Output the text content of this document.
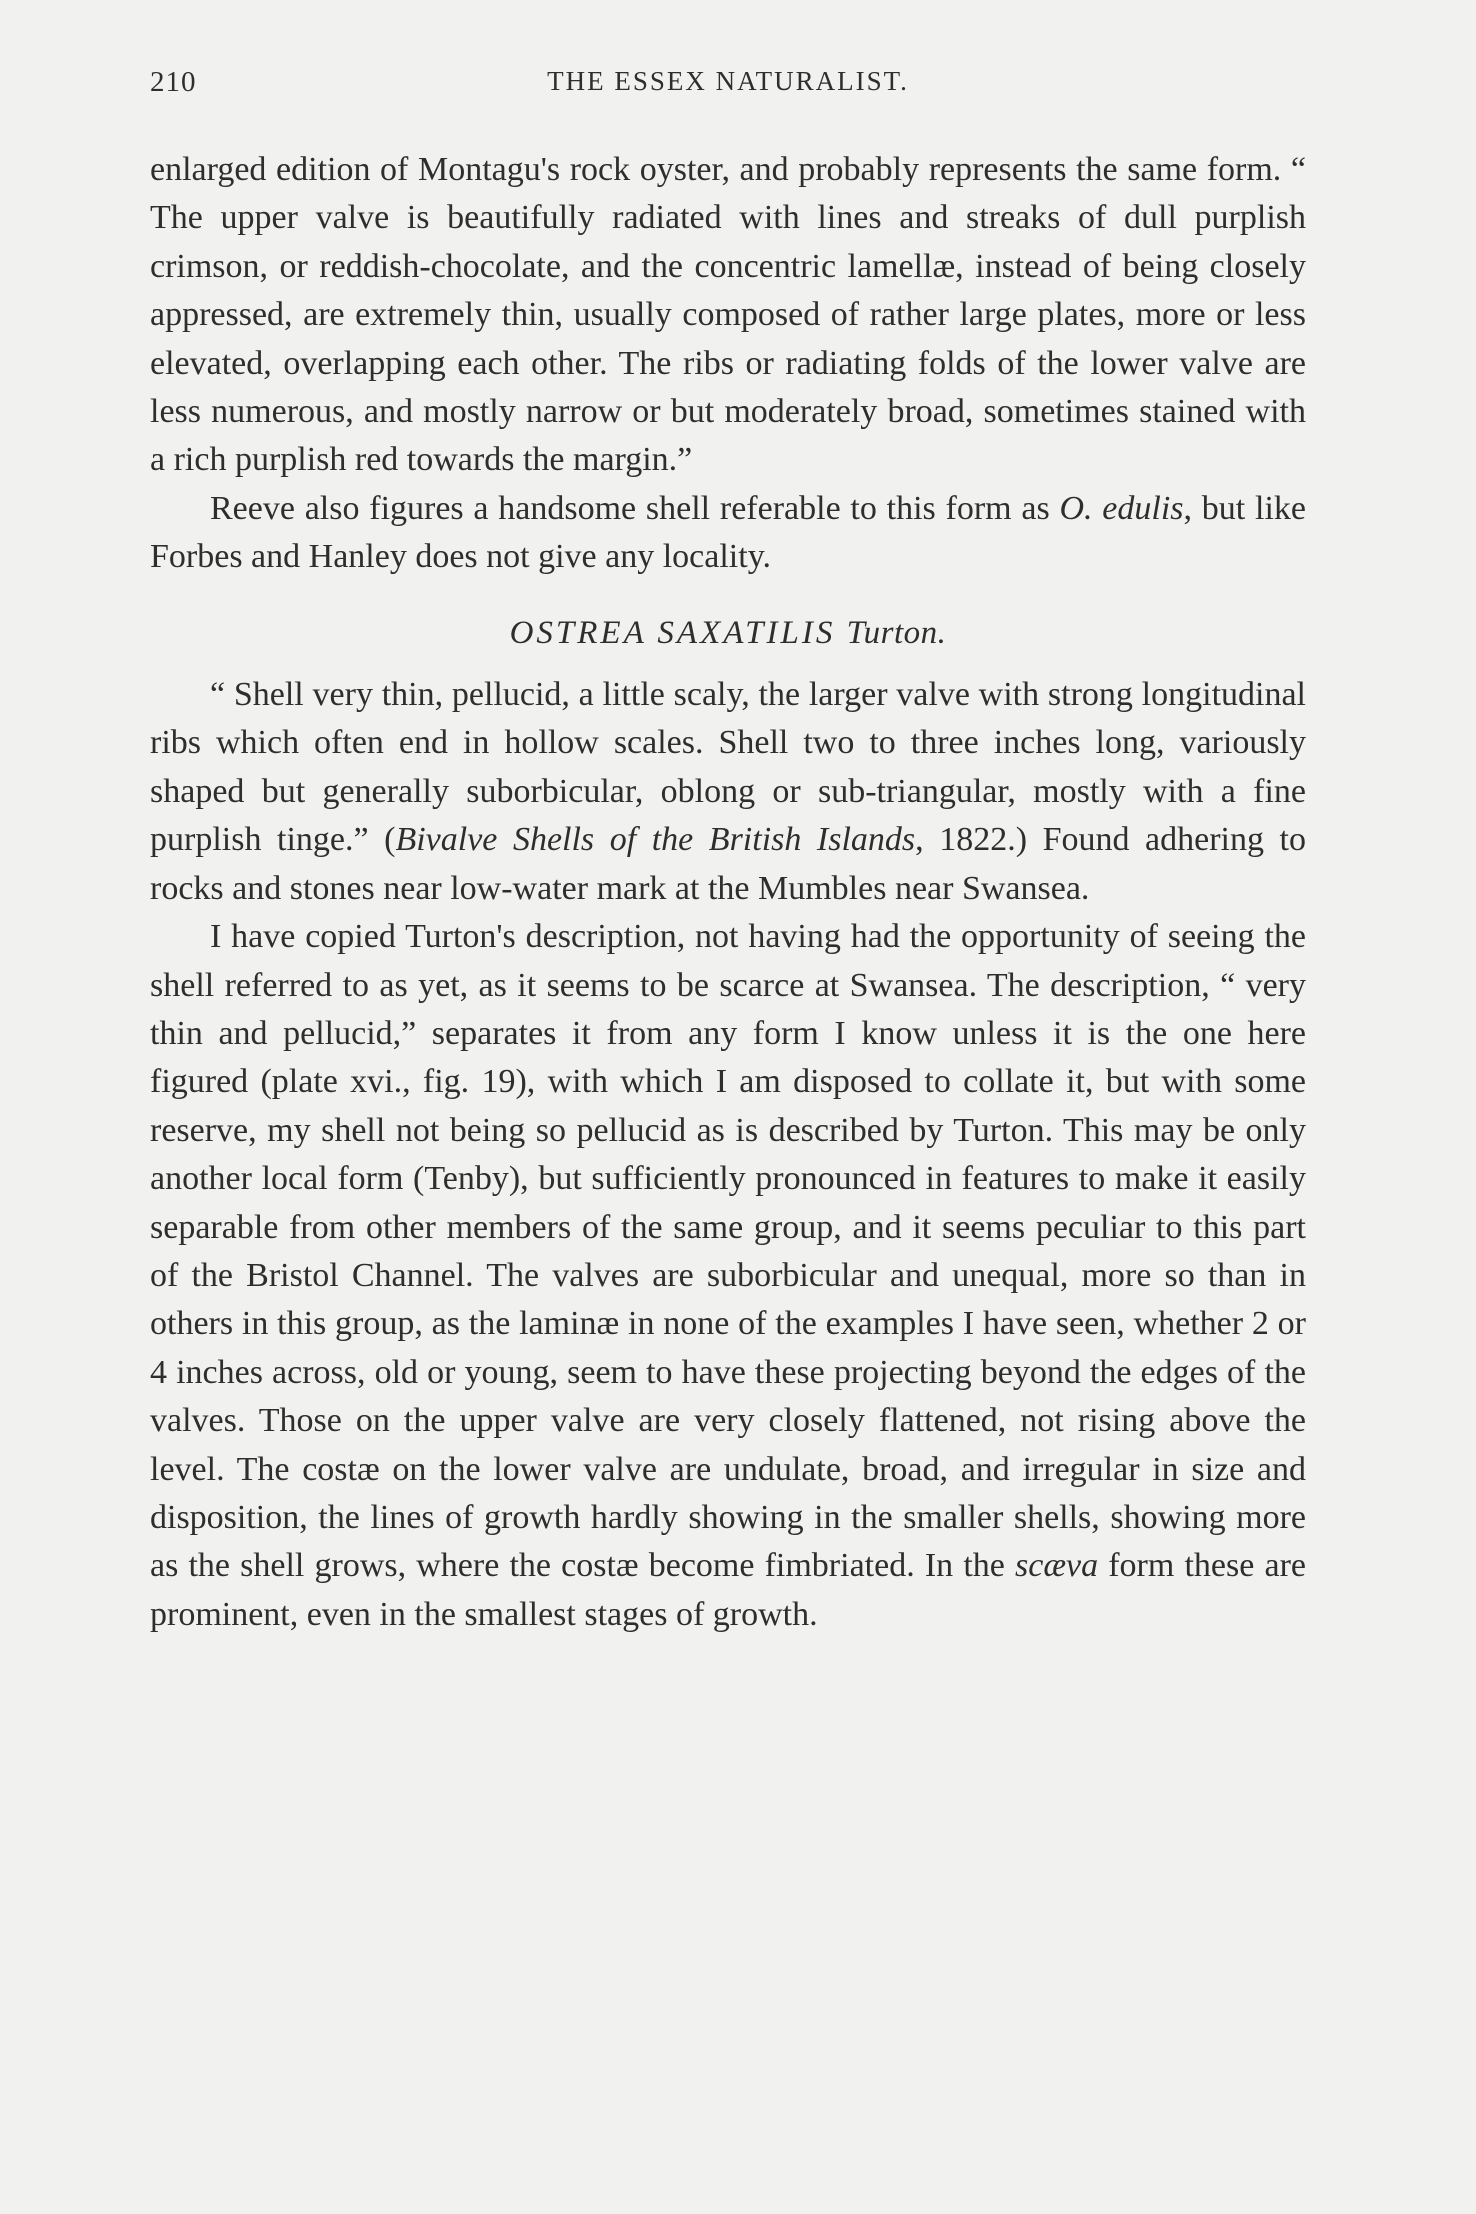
210	THE ESSEX NATURALIST.

enlarged edition of Montagu's rock oyster, and probably represents the same form. “ The upper valve is beautifully radiated with lines and streaks of dull purplish crimson, or reddish-chocolate, and the concentric lamellæ, instead of being closely appressed, are extremely thin, usually composed of rather large plates, more or less elevated, overlapping each other. The ribs or radiating folds of the lower valve are less numerous, and mostly narrow or but moderately broad, sometimes stained with a rich purplish red towards the margin.”

Reeve also figures a handsome shell referable to this form as O. edulis, but like Forbes and Hanley does not give any locality.

OSTREA SAXATILIS Turton.

“ Shell very thin, pellucid, a little scaly, the larger valve with strong longitudinal ribs which often end in hollow scales. Shell two to three inches long, variously shaped but generally suborbicular, oblong or sub-triangular, mostly with a fine purplish tinge.” (Bivalve Shells of the British Islands, 1822.) Found adhering to rocks and stones near low-water mark at the Mumbles near Swansea.

I have copied Turton's description, not having had the opportunity of seeing the shell referred to as yet, as it seems to be scarce at Swansea. The description, “ very thin and pellucid,” separates it from any form I know unless it is the one here figured (plate xvi., fig. 19), with which I am disposed to collate it, but with some reserve, my shell not being so pellucid as is described by Turton. This may be only another local form (Tenby), but sufficiently pronounced in features to make it easily separable from other members of the same group, and it seems peculiar to this part of the Bristol Channel. The valves are suborbicular and unequal, more so than in others in this group, as the laminæ in none of the examples I have seen, whether 2 or 4 inches across, old or young, seem to have these projecting beyond the edges of the valves. Those on the upper valve are very closely flattened, not rising above the level. The costæ on the lower valve are undulate, broad, and irregular in size and disposition, the lines of growth hardly showing in the smaller shells, showing more as the shell grows, where the costæ become fimbriated. In the scæva form these are prominent, even in the smallest stages of growth.
